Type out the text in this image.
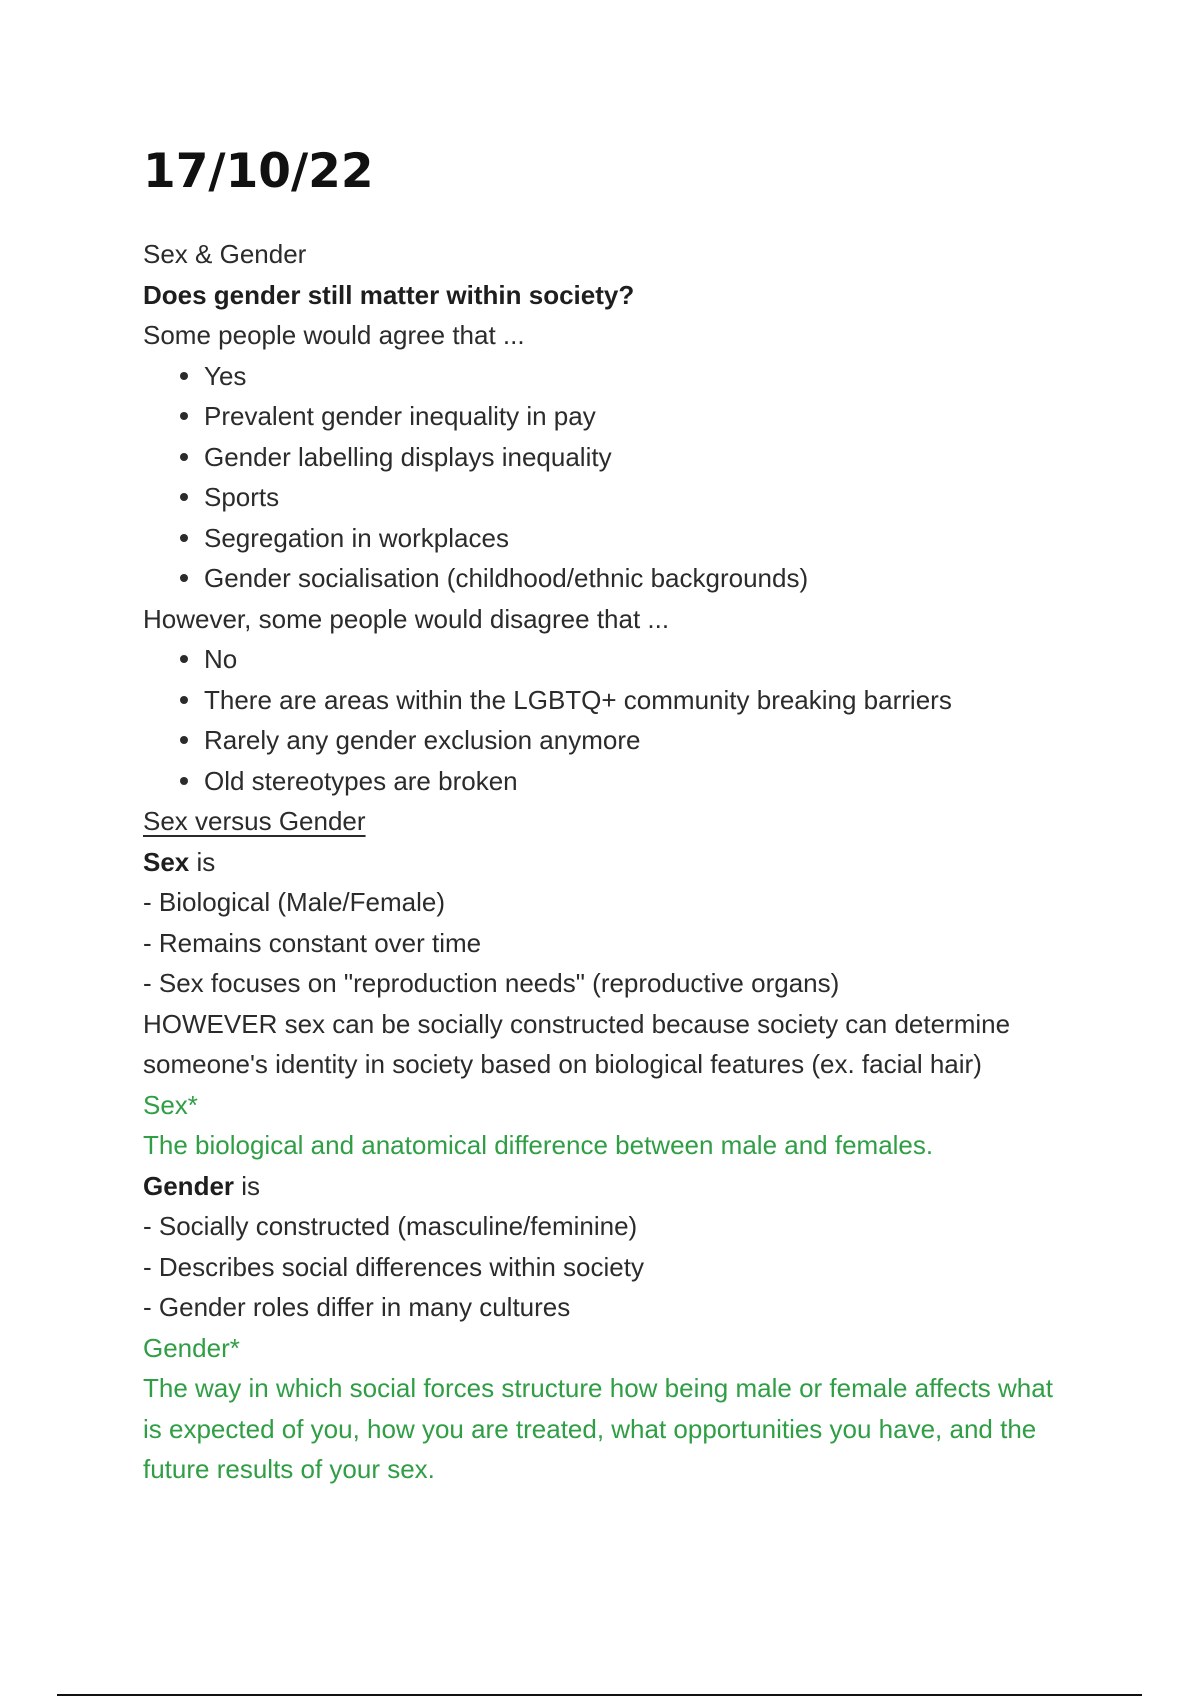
17/10/22

Sex & Gender

Does gender still matter within society?

Some people would agree that ...

Yes
Prevalent gender inequality in pay
Gender labelling displays inequality
Sports
Segregation in workplaces
Gender socialisation (childhood/ethnic backgrounds)

However, some people would disagree that ...

No
There are areas within the LGBTQ+ community breaking barriers
Rarely any gender exclusion anymore
Old stereotypes are broken

Sex versus Gender

Sex is

- Biological (Male/Female)

- Remains constant over time

- Sex focuses on "reproduction needs" (reproductive organs)

HOWEVER sex can be socially constructed because society can determine someone's identity in society based on biological features (ex. facial hair)

Sex*

The biological and anatomical difference between male and females.

Gender is

- Socially constructed (masculine/feminine)

- Describes social differences within society

- Gender roles differ in many cultures

Gender*

The way in which social forces structure how being male or female affects what is expected of you, how you are treated, what opportunities you have, and the future results of your sex.
